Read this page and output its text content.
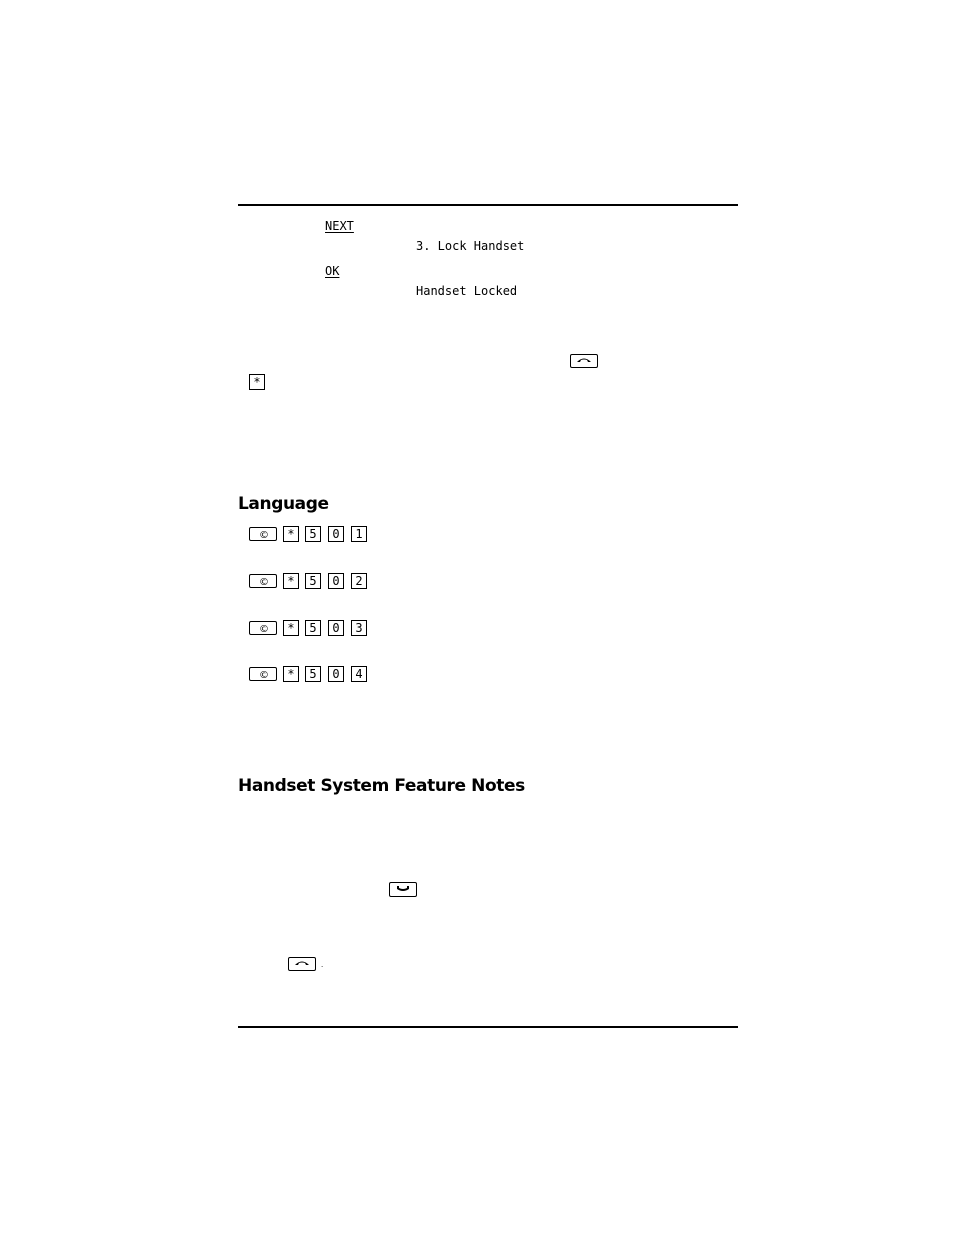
NEXT
3. Lock Handset
OK
Handset Locked
*
Language
©	*	5	0	1
©	*	5	0	2
©	*	5	0	3
©	*	5	0	4
Handset System Feature Notes
.
